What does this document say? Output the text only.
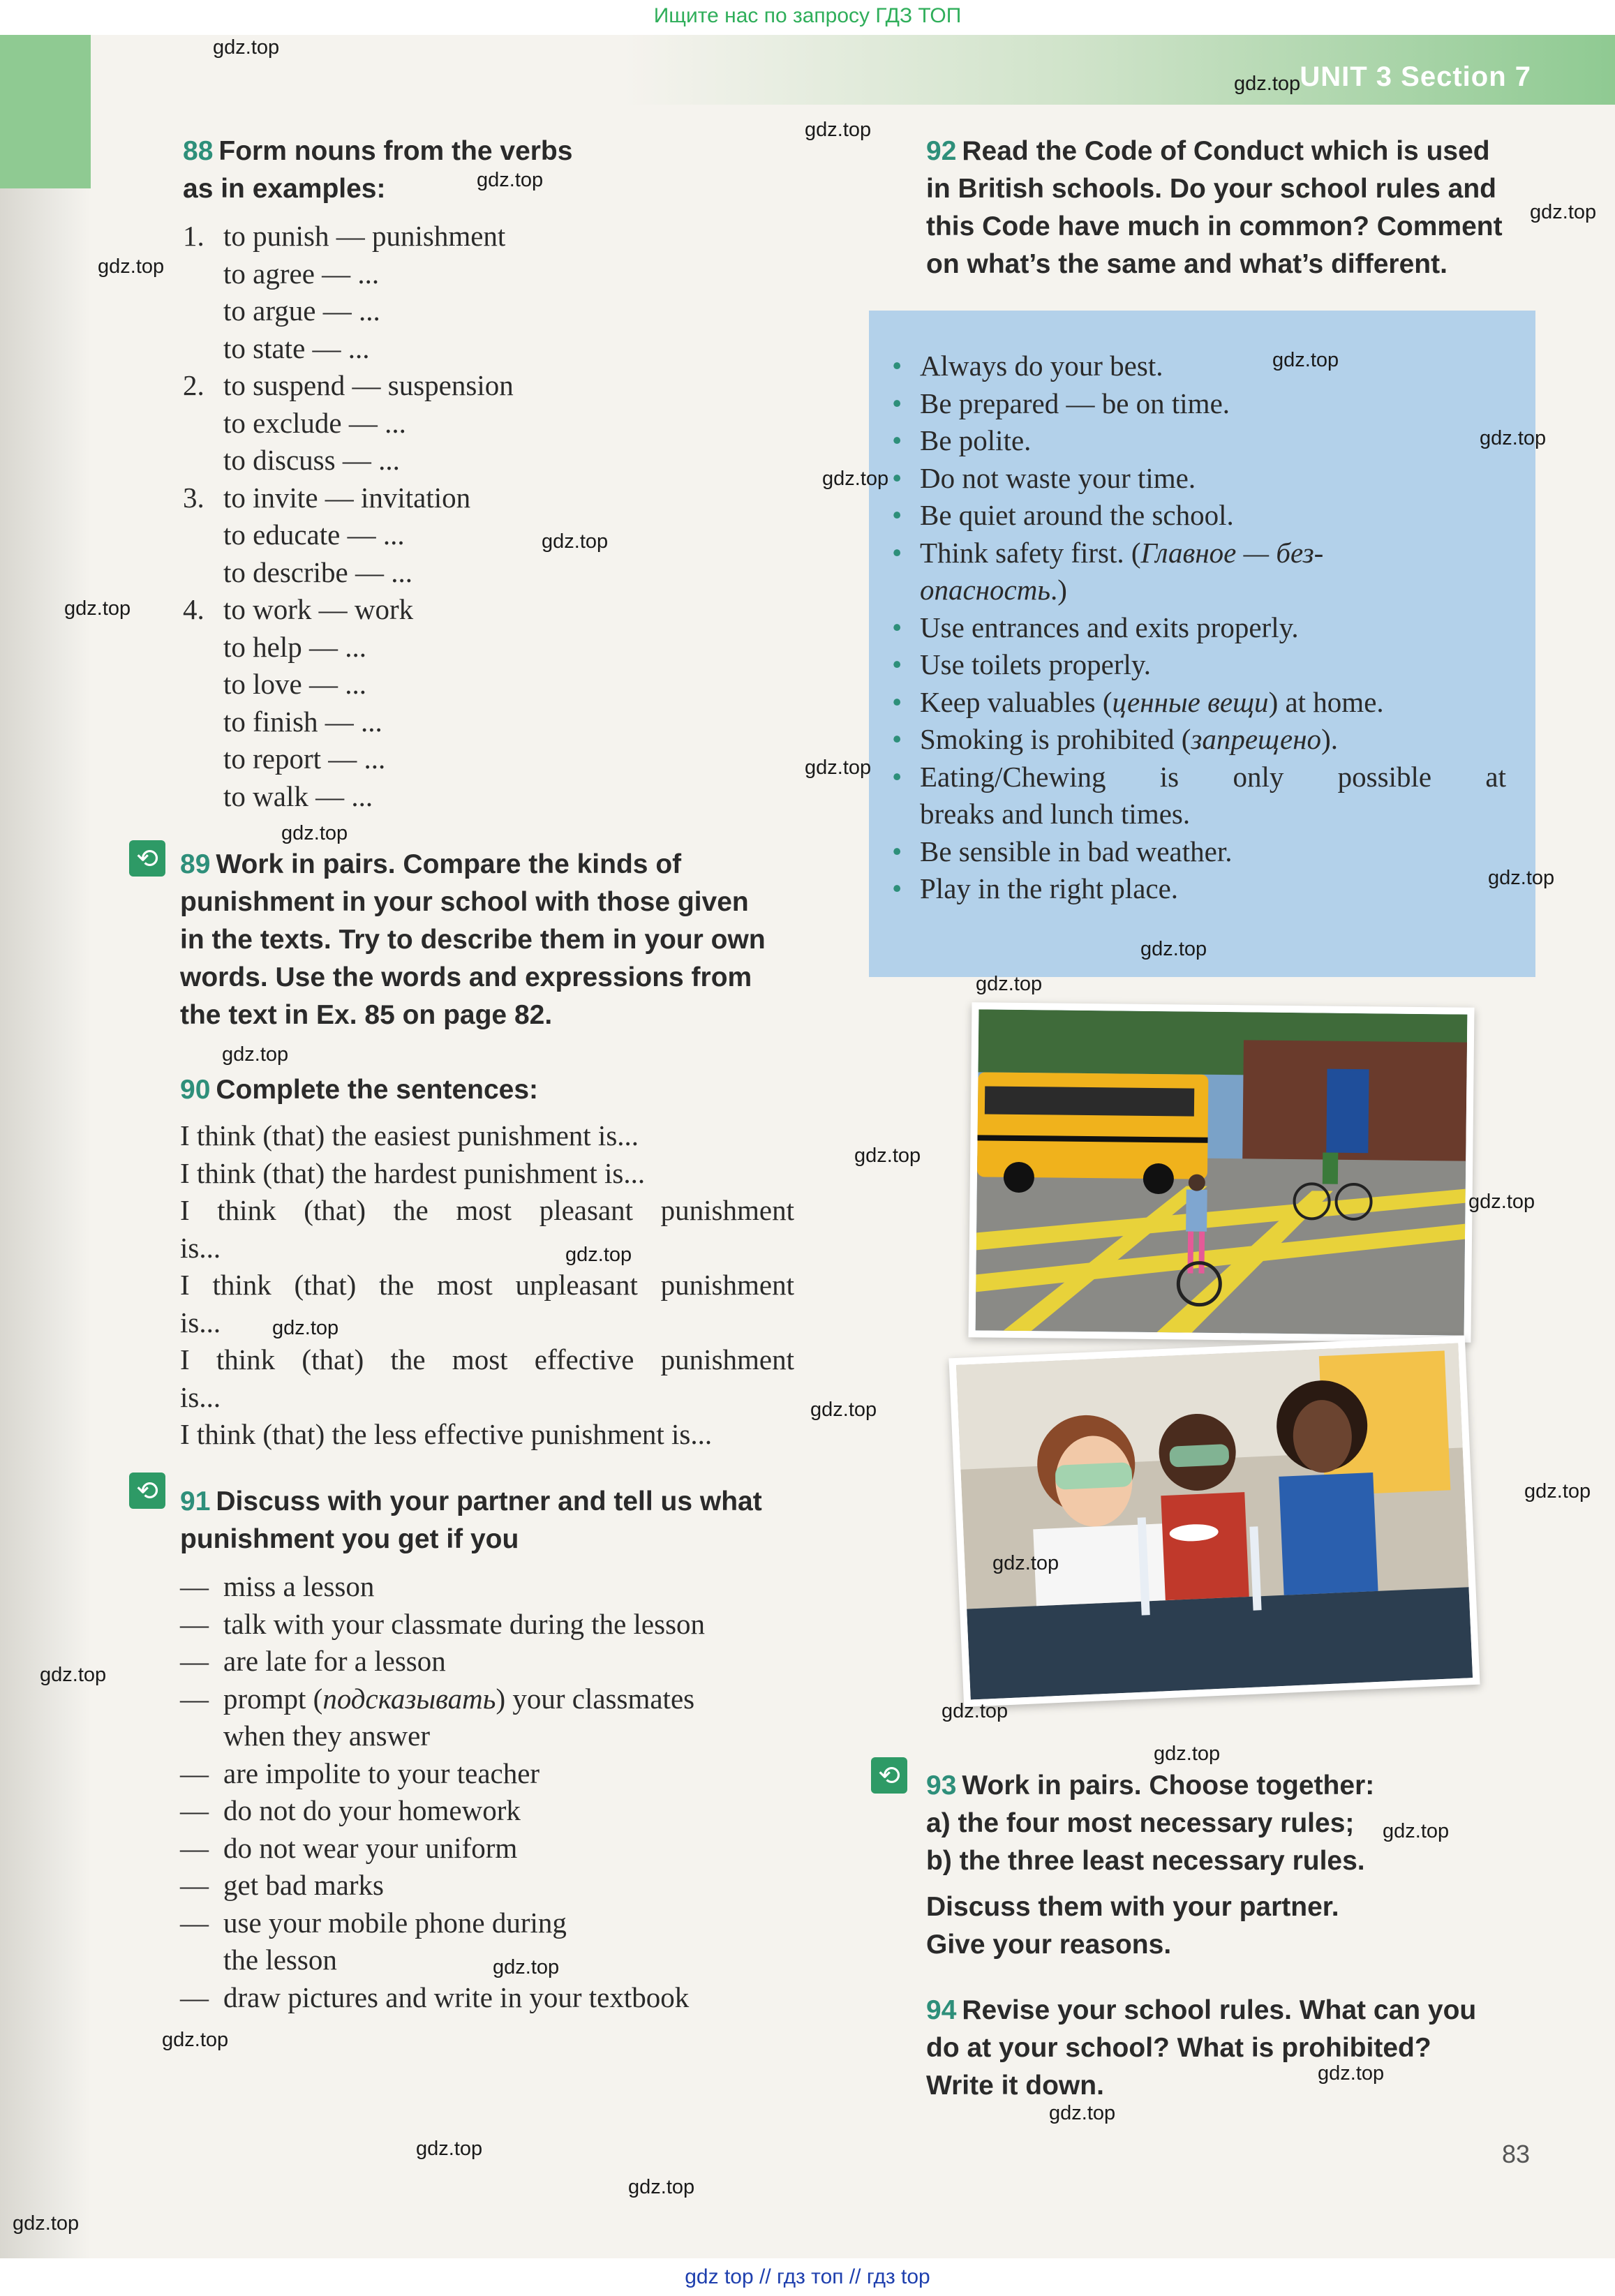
Ищите нас по запросу ГДЗ ТОП
UNIT 3 Section 7
88 Form nouns from the verbs
as in examples:
1. to punish — punishment
to agree — ...
to argue — ...
to state — ...
2. to suspend — suspension
to exclude — ...
to discuss — ...
3. to invite — invitation
to educate — ...
to describe — ...
4. to work — work
to help — ...
to love — ...
to finish — ...
to report — ...
to walk — ...
⟲ 89 Work in pairs. Compare the kinds of
punishment in your school with those given
in the texts. Try to describe them in your own
words. Use the words and expressions from
the text in Ex. 85 on page 82.
90 Complete the sentences:
I think (that) the easiest punishment is...
I think (that) the hardest punishment is...
I think (that) the most pleasant punishment
is...
I think (that) the most unpleasant punishment
is...
I think (that) the most effective punishment
is...
I think (that) the less effective punishment is...
⟲ 91 Discuss with your partner and tell us what
punishment you get if you
— miss a lesson
— talk with your classmate during the lesson
— are late for a lesson
— prompt (подсказывать) your classmates
when they answer
— are impolite to your teacher
— do not do your homework
— do not wear your uniform
— get bad marks
— use your mobile phone during
the lesson
— draw pictures and write in your textbook
92 Read the Code of Conduct which is used
in British schools. Do your school rules and
this Code have much in common? Comment
on what’s the same and what’s different.
• Always do your best.
• Be prepared — be on time.
• Be polite.
• Do not waste your time.
• Be quiet around the school.
• Think safety first. (Главное — без-
опасность.)
• Use entrances and exits properly.
• Use toilets properly.
• Keep valuables (ценные вещи) at home.
• Smoking is prohibited (запрещено).
• Eating/Chewing is only possible at
breaks and lunch times.
• Be sensible in bad weather.
• Play in the right place.
⟲ 93 Work in pairs. Choose together:
a) the four most necessary rules;
b) the three least necessary rules.
Discuss them with your partner.
Give your reasons.
94 Revise your school rules. What can you
do at your school? What is prohibited?
Write it down.
83
gdz.top
gdz.top
gdz.top
gdz.top
gdz.top
gdz.top
gdz.top
gdz.top
gdz.top
gdz.top
gdz.top
gdz.top
gdz.top
gdz.top
gdz.top
gdz.top
gdz.top
gdz.top
gdz.top
gdz.top
gdz.top
gdz.top
gdz.top
gdz.top
gdz.top
gdz.top
gdz.top
gdz.top
gdz.top
gdz.top
gdz.top
gdz.top
gdz.top
gdz.top
gdz.top
gdz top // гдз топ // гдз top
